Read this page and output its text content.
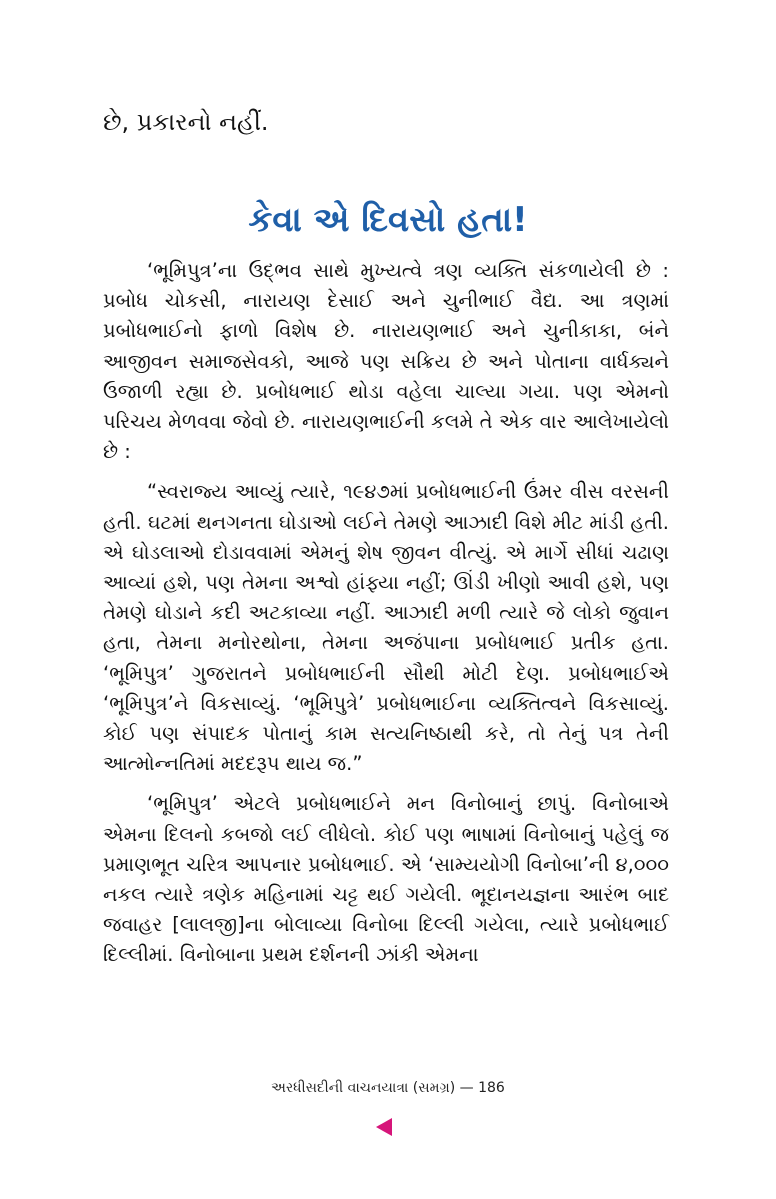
છે, પ્રકારનો નહીં.
કેવા એ દિવસો હતા!

‘ભૂમિપુત્ર’ના ઉદ્‌ભવ સાથે મુખ્યત્વે ત્રણ વ્યક્તિ સંકળાયેલી છે : પ્રબોધ ચોકસી, નારાયણ દેસાઈ અને ચુનીભાઈ વૈદ્ય. આ ત્રણમાં પ્રબોધભાઈનો ફાળો વિશેષ છે. નારાયણભાઈ અને ચુનીકાકા, બંને આજીવન સમાજસેવકો, આજે પણ સક્રિય છે અને પોતાના વાર્ધક્યને ઉજાળી રહ્યા છે. પ્રબોધભાઈ થોડા વહેલા ચાલ્યા ગયા. પણ એમનો પરિચય મેળવવા જેવો છે. નારાયણભાઈની કલમે તે એક વાર આલેખાયેલો છે :

“સ્વરાજ્ય આવ્યું ત્યારે, ૧૯૪૭માં પ્રબોધભાઈની ઉંમર વીસ વરસની હતી. ઘટમાં થનગનતા ઘોડાઓ લઈને તેમણે આઝાદી વિશે મીટ માંડી હતી. એ ઘોડલાઓ દોડાવવામાં એમનું શેષ જીવન વીત્યું. એ માર્ગે સીધાં ચઢાણ આવ્યાં હશે, પણ તેમના અશ્વો હાંફ્યા નહીં; ઊંડી ખીણો આવી હશે, પણ તેમણે ઘોડાને કદી અટકાવ્યા નહીં. આઝાદી મળી ત્યારે જે લોકો જુવાન હતા, તેમના મનોરથોના, તેમના અજંપાના પ્રબોધભાઈ પ્રતીક હતા. ‘ભૂમિપુત્ર’ ગુજરાતને પ્રબોધભાઈની સૌથી મોટી દેણ. પ્રબોધભાઈએ ‘ભૂમિપુત્ર’ને વિકસાવ્યું. ‘ભૂમિપુત્રે’ પ્રબોધભાઈના વ્યક્તિત્વને વિકસાવ્યું. કોઈ પણ સંપાદક પોતાનું કામ સત્યનિષ્ઠાથી કરે, તો તેનું પત્ર તેની આત્મોન્નતિમાં મદદરૂપ થાય જ.”

‘ભૂમિપુત્ર’ એટલે પ્રબોધભાઈને મન વિનોબાનું છાપું. વિનોબાએ એમના દિલનો કબજો લઈ લીધેલો. કોઈ પણ ભાષામાં વિનોબાનું પહેલું જ પ્રમાણભૂત ચરિત્ર આપનાર પ્રબોધભાઈ. એ ‘સામ્યયોગી વિનોબા’ની ૪,૦૦૦ નકલ ત્યારે ત્રણેક મહિનામાં ચટ્ટ થઈ ગયેલી. ભૂદાનયજ્ઞના આરંભ બાદ જવાહર [લાલજી]ના બોલાવ્યા વિનોબા દિલ્લી ગયેલા, ત્યારે પ્રબોધભાઈ દિલ્લીમાં. વિનોબાના પ્રથમ દર્શનની ઝાંકી એમના

અરધીસદીની વાચનયાત્રા (સમગ્ર) — 186
